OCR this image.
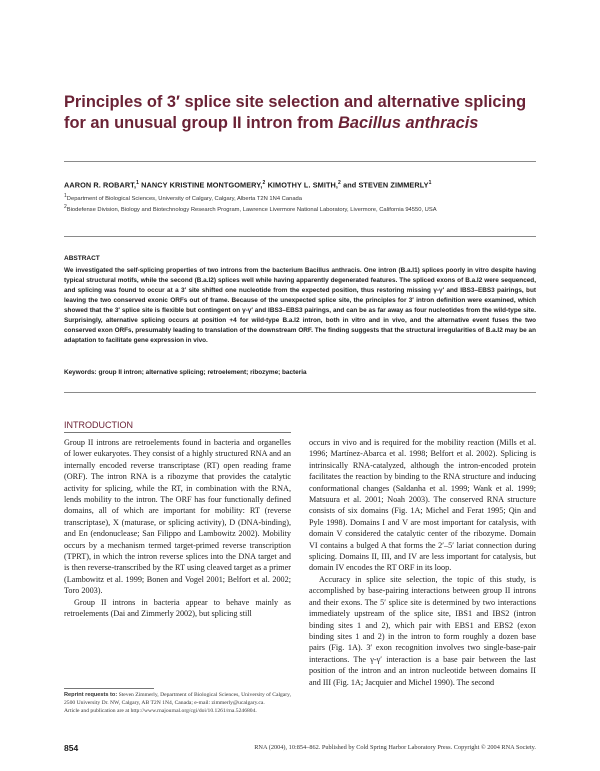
Principles of 3′ splice site selection and alternative splicing
for an unusual group II intron from Bacillus anthracis
AARON R. ROBART,$^1$ NANCY KRISTINE MONTGOMERY,$^2$ KIMOTHY L. SMITH,$^2$ and STEVEN ZIMMERLY$^1$
$^1$Department of Biological Sciences, University of Calgary, Calgary, Alberta T2N 1N4 Canada
$^2$Biodefense Division, Biology and Biotechnology Research Program, Lawrence Livermore National Laboratory, Livermore, California 94550, USA
ABSTRACT
We investigated the self-splicing properties of two introns from the bacterium Bacillus anthracis. One intron (B.a.I1) splices poorly in vitro despite having typical structural motifs, while the second (B.a.I2) splices well while having apparently degenerated features. The spliced exons of B.a.I2 were sequenced, and splicing was found to occur at a 3′ site shifted one nucleotide from the expected position, thus restoring missing γ-γ′ and IBS3–EBS3 pairings, but leaving the two conserved exonic ORFs out of frame. Because of the unexpected splice site, the principles for 3′ intron definition were examined, which showed that the 3′ splice site is flexible but contingent on γ-γ′ and IBS3–EBS3 pairings, and can be as far away as four nucleotides from the wild-type site. Surprisingly, alternative splicing occurs at position +4 for wild-type B.a.I2 intron, both in vitro and in vivo, and the alternative event fuses the two conserved exon ORFs, presumably leading to translation of the downstream ORF. The finding suggests that the structural irregularities of B.a.I2 may be an adaptation to facilitate gene expression in vivo.
Keywords: group II intron; alternative splicing; retroelement; ribozyme; bacteria
INTRODUCTION

Group II introns are retroelements found in bacteria and organelles of lower eukaryotes. They consist of a highly structured RNA and an internally encoded reverse transcriptase (RT) open reading frame (ORF). The intron RNA is a ribozyme that provides the catalytic activity for splicing, while the RT, in combination with the RNA, lends mobility to the intron. The ORF has four functionally defined domains, all of which are important for mobility: RT (reverse transcriptase), X (maturase, or splicing activity), D (DNA-binding), and En (endonuclease; San Filippo and Lambowitz 2002). Mobility occurs by a mechanism termed target-primed reverse transcription (TPRT), in which the intron reverse splices into the DNA target and is then reverse-transcribed by the RT using cleaved target as a primer (Lambowitz et al. 1999; Bonen and Vogel 2001; Belfort et al. 2002; Toro 2003).

Group II introns in bacteria appear to behave mainly as retroelements (Dai and Zimmerly 2002), but splicing still

occurs in vivo and is required for the mobility reaction (Mills et al. 1996; Martínez-Abarca et al. 1998; Belfort et al. 2002). Splicing is intrinsically RNA-catalyzed, although the intron-encoded protein facilitates the reaction by binding to the RNA structure and inducing conformational changes (Saldanha et al. 1999; Wank et al. 1999; Matsuura et al. 2001; Noah 2003). The conserved RNA structure consists of six domains (Fig. 1A; Michel and Ferat 1995; Qin and Pyle 1998). Domains I and V are most important for catalysis, with domain V considered the catalytic center of the ribozyme. Domain VI contains a bulged A that forms the 2′–5′ lariat connection during splicing. Domains II, III, and IV are less important for catalysis, but domain IV encodes the RT ORF in its loop.

Accuracy in splice site selection, the topic of this study, is accomplished by base-pairing interactions between group II introns and their exons. The 5′ splice site is determined by two interactions immediately upstream of the splice site, IBS1 and IBS2 (intron binding sites 1 and 2), which pair with EBS1 and EBS2 (exon binding sites 1 and 2) in the intron to form roughly a dozen base pairs (Fig. 1A). 3′ exon recognition involves two single-base-pair interactions. The γ-γ′ interaction is a base pair between the last position of the intron and an intron nucleotide between domains II and III (Fig. 1A; Jacquier and Michel 1990). The second

Reprint requests to: Steven Zimmerly, Department of Biological Sciences, University of Calgary, 2500 University Dr. NW, Calgary, AB T2N 1N4, Canada; e-mail: zimmerly@ucalgary.ca.
Article and publication are at http://www.rnajournal.org/cgi/doi/10.1261/rna.5246804.
854	RNA (2004), 10:854–862. Published by Cold Spring Harbor Laboratory Press. Copyright © 2004 RNA Society.
